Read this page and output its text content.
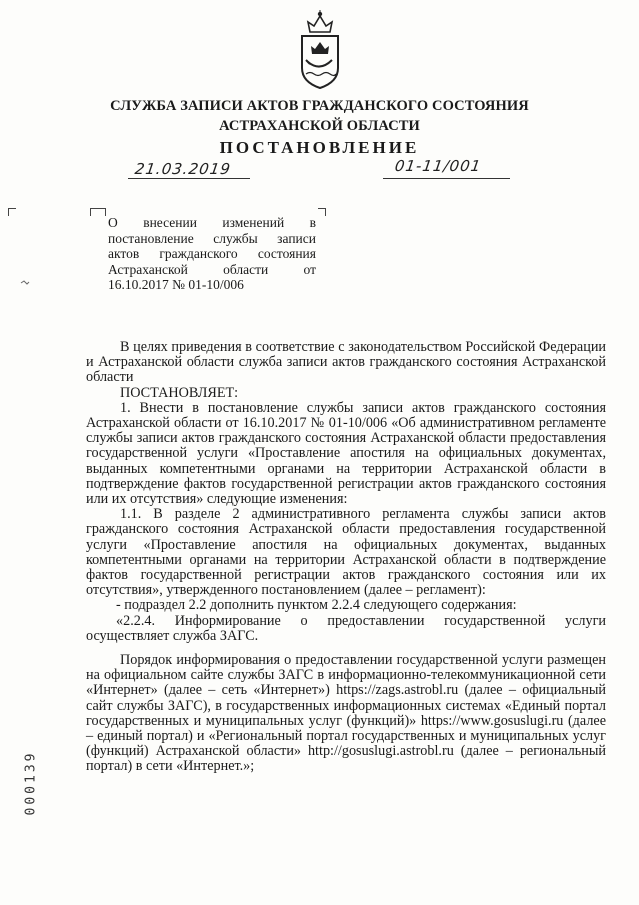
СЛУЖБА ЗАПИСИ АКТОВ ГРАЖДАНСКОГО СОСТОЯНИЯ
АСТРАХАНСКОЙ ОБЛАСТИ
ПОСТАНОВЛЕНИЕ
21.03.2019	01-11/001
О внесении изменений в постановление службы записи актов гражданского состояния Астраханской области от 16.10.2017 № 01-10/006

В целях приведения в соответствие с законодательством Российской Федерации и Астраханской области служба записи актов гражданского состояния Астраханской области

ПОСТАНОВЛЯЕТ:

1. Внести в постановление службы записи актов гражданского состояния Астраханской области от 16.10.2017 № 01-10/006 «Об административном регламенте службы записи актов гражданского состояния Астраханской области предоставления государственной услуги «Проставление апостиля на официальных документах, выданных компетентными органами на территории Астраханской области в подтверждение фактов государственной регистрации актов гражданского состояния или их отсутствия» следующие изменения:

1.1. В разделе 2 административного регламента службы записи актов гражданского состояния Астраханской области предоставления государственной услуги «Проставление апостиля на официальных документах, выданных компетентными органами на территории Астраханской области в подтверждение фактов государственной регистрации актов гражданского состояния или их отсутствия», утвержденного постановлением (далее – регламент):

- подраздел 2.2 дополнить пунктом 2.2.4 следующего содержания:

«2.2.4. Информирование о предоставлении государственной услуги осуществляет служба ЗАГС.

Порядок информирования о предоставлении государственной услуги размещен на официальном сайте службы ЗАГС в информационно-телекоммуникационной сети «Интернет» (далее – сеть «Интернет») https://zags.astrobl.ru (далее – официальный сайт службы ЗАГС), в государственных информационных системах «Единый портал государственных и муниципальных услуг (функций)» https://www.gosuslugi.ru (далее – единый портал) и «Региональный портал государственных и муниципальных услуг (функций) Астраханской области» http://gosuslugi.astrobl.ru (далее – региональный портал) в сети «Интернет.»;

000139
